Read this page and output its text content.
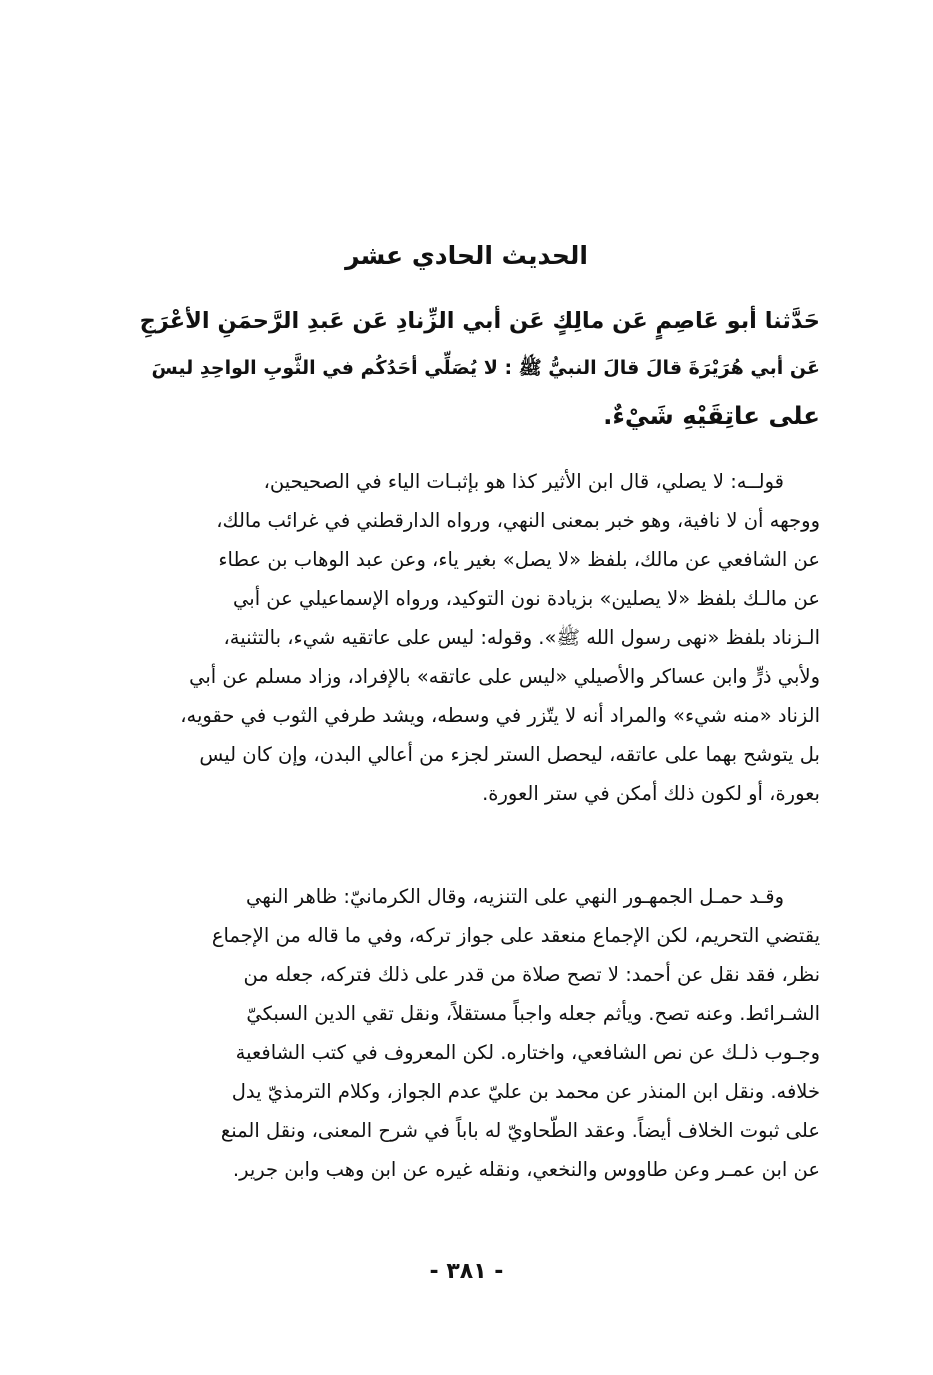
الحديث الحادي عشر
حَدَّثنا أبو عَاصِمٍ عَن مالِكٍ عَن أبي الزِّنادِ عَن عَبدِ الرَّحمَنِ الأعْرَجِ
عَن أبي هُرَيْرَةَ قالَ قالَ النبيُّ ﷺ : لا يُصَلِّي أحَدُكُم في الثَّوبِ الواحِدِ ليسَ
على عاتِقَيْهِ شَيْءٌ.
قولــه: لا يصلي، قال ابن الأثير كذا هو بإثبـات الياء في الصحيحين،
ووجهه أن لا نافية، وهو خبر بمعنى النهي، ورواه الدارقطني في غرائب مالك،
عن الشافعي عن مالك، بلفظ «لا يصل» بغير ياء، وعن عبد الوهاب بن عطاء
عن مالـك بلفظ «لا يصلين» بزيادة نون التوكيد، ورواه الإسماعيلي عن أبي
الـزناد بلفظ «نهى رسول الله ﷺ». وقوله: ليس على عاتقيه شيء، بالتثنية،
ولأبي ذرٍّ وابن عساكر والأصيلي «ليس على عاتقه» بالإفراد، وزاد مسلم عن أبي
الزناد «منه شيء» والمراد أنه لا يتّزر في وسطه، ويشد طرفي الثوب في حقويه،
بل يتوشح بهما على عاتقه، ليحصل الستر لجزء من أعالي البدن، وإن كان ليس
بعورة، أو لكون ذلك أمكن في ستر العورة.
وقـد حمـل الجمهـور النهي على التنزيه، وقال الكرمانيّ: ظاهر النهي
يقتضي التحريم، لكن الإجماع منعقد على جواز تركه، وفي ما قاله من الإجماع
نظر، فقد نقل عن أحمد: لا تصح صلاة من قدر على ذلك فتركه، جعله من
الشـرائط. وعنه تصح. ويأثم جعله واجباً مستقلاً، ونقل تقي الدين السبكيّ
وجـوب ذلـك عن نص الشافعي، واختاره. لكن المعروف في كتب الشافعية
خلافه. ونقل ابن المنذر عن محمد بن عليّ عدم الجواز، وكلام الترمذيّ يدل
على ثبوت الخلاف أيضاً. وعقد الطّحاويّ له باباً في شرح المعنى، ونقل المنع
عن ابن عمـر وعن طاووس والنخعي، ونقله غيره عن ابن وهب وابن جرير.
- ٣٨١ -
